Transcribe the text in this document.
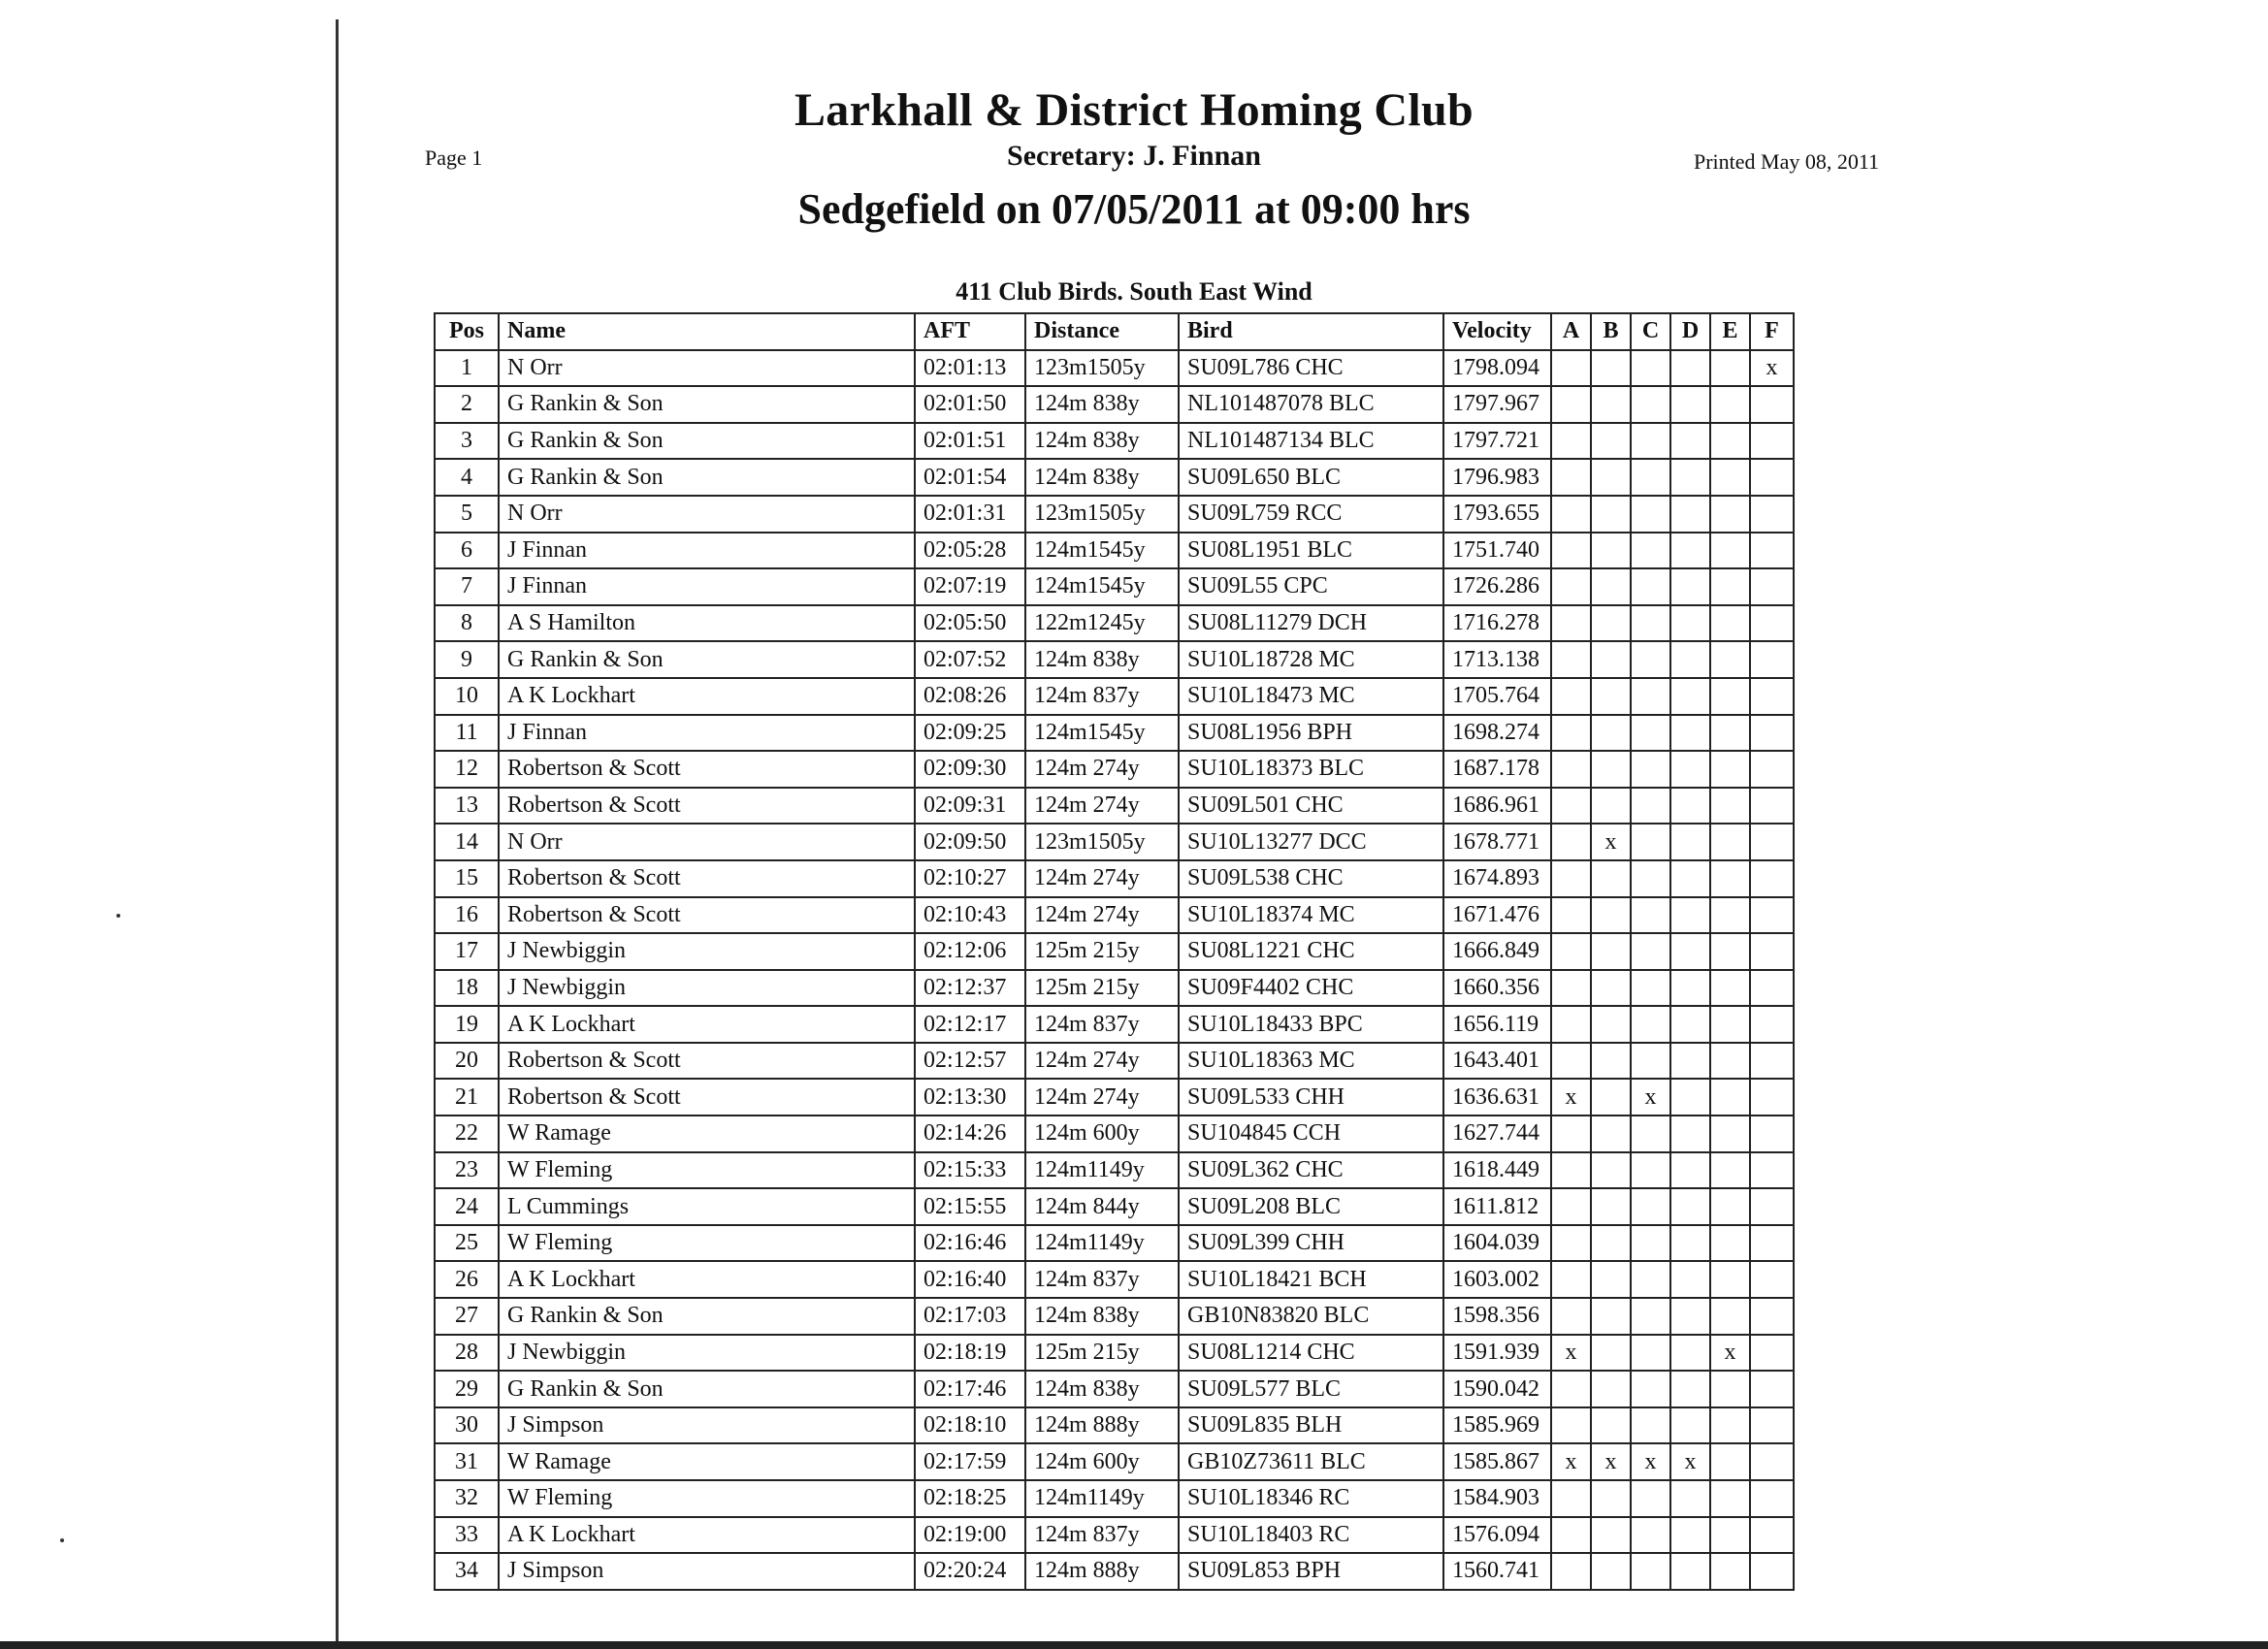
Larkhall & District Homing Club
Page 1	Secretary: J. Finnan	Printed May 08, 2011
Sedgefield on 07/05/2011 at 09:00 hrs
411 Club Birds. South East Wind
Pos	Name	AFT	Distance	Bird	Velocity	A	B	C	D	E	F
1	N Orr	02:01:13	123m1505y	SU09L786 CHC	1798.094						x
2	G Rankin & Son	02:01:50	124m 838y	NL101487078 BLC	1797.967						
3	G Rankin & Son	02:01:51	124m 838y	NL101487134 BLC	1797.721						
4	G Rankin & Son	02:01:54	124m 838y	SU09L650 BLC	1796.983						
5	N Orr	02:01:31	123m1505y	SU09L759 RCC	1793.655						
6	J Finnan	02:05:28	124m1545y	SU08L1951 BLC	1751.740						
7	J Finnan	02:07:19	124m1545y	SU09L55 CPC	1726.286						
8	A S Hamilton	02:05:50	122m1245y	SU08L11279 DCH	1716.278						
9	G Rankin & Son	02:07:52	124m 838y	SU10L18728 MC	1713.138						
10	A K Lockhart	02:08:26	124m 837y	SU10L18473 MC	1705.764						
11	J Finnan	02:09:25	124m1545y	SU08L1956 BPH	1698.274						
12	Robertson & Scott	02:09:30	124m 274y	SU10L18373 BLC	1687.178						
13	Robertson & Scott	02:09:31	124m 274y	SU09L501 CHC	1686.961						
14	N Orr	02:09:50	123m1505y	SU10L13277 DCC	1678.771		x				
15	Robertson & Scott	02:10:27	124m 274y	SU09L538 CHC	1674.893						
16	Robertson & Scott	02:10:43	124m 274y	SU10L18374 MC	1671.476						
17	J Newbiggin	02:12:06	125m 215y	SU08L1221 CHC	1666.849						
18	J Newbiggin	02:12:37	125m 215y	SU09F4402 CHC	1660.356						
19	A K Lockhart	02:12:17	124m 837y	SU10L18433 BPC	1656.119						
20	Robertson & Scott	02:12:57	124m 274y	SU10L18363 MC	1643.401						
21	Robertson & Scott	02:13:30	124m 274y	SU09L533 CHH	1636.631	x		x			
22	W Ramage	02:14:26	124m 600y	SU104845 CCH	1627.744						
23	W Fleming	02:15:33	124m1149y	SU09L362 CHC	1618.449						
24	L Cummings	02:15:55	124m 844y	SU09L208 BLC	1611.812						
25	W Fleming	02:16:46	124m1149y	SU09L399 CHH	1604.039						
26	A K Lockhart	02:16:40	124m 837y	SU10L18421 BCH	1603.002						
27	G Rankin & Son	02:17:03	124m 838y	GB10N83820 BLC	1598.356						
28	J Newbiggin	02:18:19	125m 215y	SU08L1214 CHC	1591.939	x				x	
29	G Rankin & Son	02:17:46	124m 838y	SU09L577 BLC	1590.042						
30	J Simpson	02:18:10	124m 888y	SU09L835 BLH	1585.969						
31	W Ramage	02:17:59	124m 600y	GB10Z73611 BLC	1585.867	x	x	x	x		
32	W Fleming	02:18:25	124m1149y	SU10L18346 RC	1584.903						
33	A K Lockhart	02:19:00	124m 837y	SU10L18403 RC	1576.094						
34	J Simpson	02:20:24	124m 888y	SU09L853 BPH	1560.741						
